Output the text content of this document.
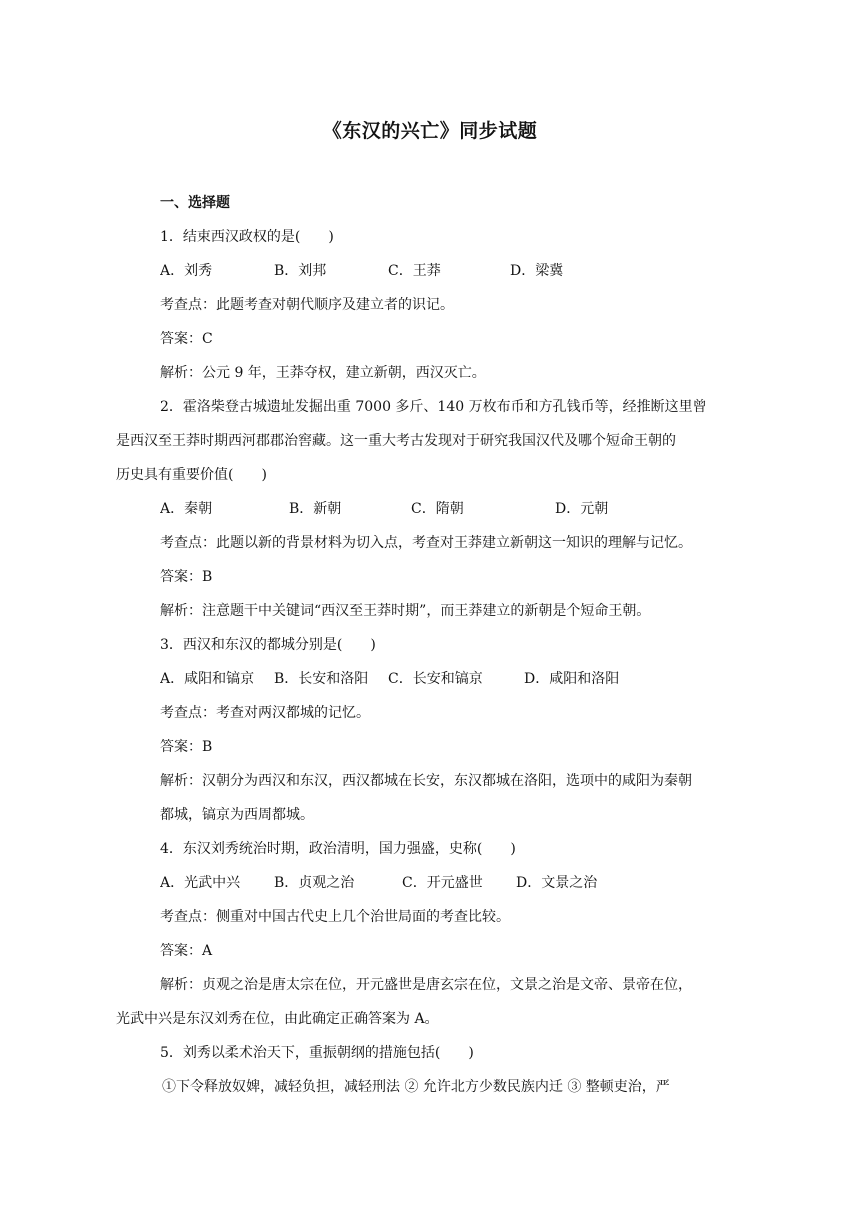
《东汉的兴亡》同步试题
一、选择题
1．结束西汉政权的是(　　)
A．刘秀	B．刘邦	C．王莽	D．梁冀
考查点：此题考查对朝代顺序及建立者的识记。
答案：C
解析：公元 9 年，王莽夺权，建立新朝，西汉灭亡。
2．霍洛柴登古城遗址发掘出重 7000 多斤、140 万枚布币和方孔钱币等，经推断这里曾
是西汉至王莽时期西河郡郡治窖藏。这一重大考古发现对于研究我国汉代及哪个短命王朝的
历史具有重要价值(　　)
A．秦朝	B．新朝	C．隋朝	D．元朝
考查点：此题以新的背景材料为切入点，考查对王莽建立新朝这一知识的理解与记忆。
答案：B
解析：注意题干中关键词“西汉至王莽时期”，而王莽建立的新朝是个短命王朝。
3．西汉和东汉的都城分别是(　　)
A．咸阳和镐京	B．长安和洛阳	C．长安和镐京	D．咸阳和洛阳
考查点：考查对两汉都城的记忆。
答案：B
解析：汉朝分为西汉和东汉，西汉都城在长安，东汉都城在洛阳，选项中的咸阳为秦朝
都城，镐京为西周都城。
4．东汉刘秀统治时期，政治清明，国力强盛，史称(　　)
A．光武中兴	B．贞观之治	C．开元盛世	D．文景之治
考查点：侧重对中国古代史上几个治世局面的考查比较。
答案：A
解析：贞观之治是唐太宗在位，开元盛世是唐玄宗在位，文景之治是文帝、景帝在位，
光武中兴是东汉刘秀在位，由此确定正确答案为 A。
5．刘秀以柔术治天下，重振朝纲的措施包括(　　)
①下令释放奴婢，减轻负担，减轻刑法 ② 允许北方少数民族内迁 ③ 整顿吏治，严
